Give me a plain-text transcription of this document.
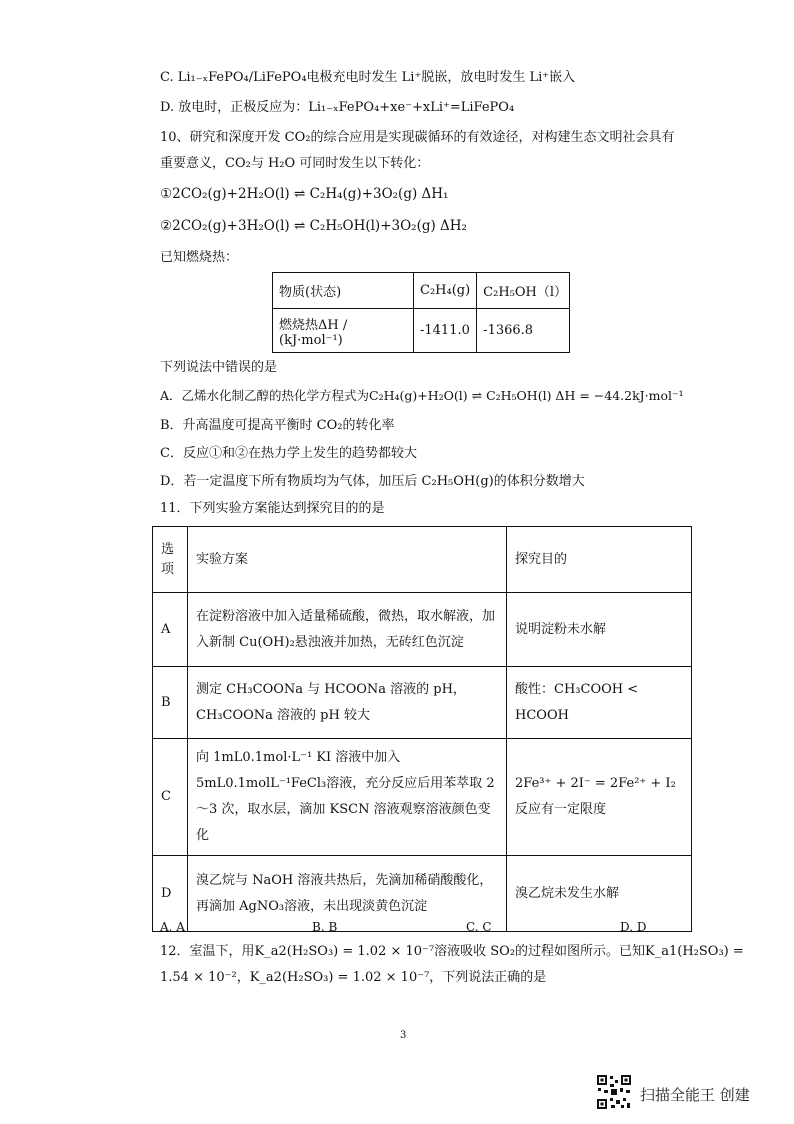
C. Li₁₋ₓFePO₄/LiFePO₄电极充电时发生 Li⁺脱嵌，放电时发生 Li⁺嵌入
D. 放电时，正极反应为：Li₁₋ₓFePO₄+xe⁻+xLi⁺=LiFePO₄
10、研究和深度开发 CO₂的综合应用是实现碳循环的有效途径，对构建生态文明社会具有
重要意义，CO₂与 H₂O 可同时发生以下转化：
①2CO₂(g)+2H₂O(l) ⇌ C₂H₄(g)+3O₂(g) ΔH₁
②2CO₂(g)+3H₂O(l) ⇌ C₂H₅OH(l)+3O₂(g) ΔH₂
已知燃烧热：
物质(状态)	C₂H₄(g)	C₂H₅OH（l）
燃烧热ΔH / (kJ·mol⁻¹)	-1411.0	-1366.8
下列说法中错误的是
A．乙烯水化制乙醇的热化学方程式为C₂H₄(g)+H₂O(l) ⇌ C₂H₅OH(l) ΔH = −44.2kJ·mol⁻¹
B．升高温度可提高平衡时 CO₂的转化率
C．反应①和②在热力学上发生的趋势都较大
D．若一定温度下所有物质均为气体，加压后 C₂H₅OH(g)的体积分数增大
11．下列实验方案能达到探究目的的是
选项	实验方案	探究目的
A	在淀粉溶液中加入适量稀硫酸，微热，取水解液，加入新制 Cu(OH)₂悬浊液并加热，无砖红色沉淀	说明淀粉未水解
B	测定 CH₃COONa 与 HCOONa 溶液的 pH，CH₃COONa 溶液的 pH 较大	酸性：CH₃COOH < HCOOH
C	向 1mL0.1mol·L⁻¹ KI 溶液中加入 5mL0.1molL⁻¹FeCl₃溶液，充分反应后用苯萃取 2～3 次，取水层，滴加 KSCN 溶液观察溶液颜色变化	2Fe³⁺ + 2I⁻ = 2Fe²⁺ + I₂ 反应有一定限度
D	溴乙烷与 NaOH 溶液共热后，先滴加稀硝酸酸化，再滴加 AgNO₃溶液，未出现淡黄色沉淀	溴乙烷未发生水解
A. A	B. B	C. C	D. D
12．室温下，用K_a2(H₂SO₃) = 1.02 × 10⁻⁷溶液吸收 SO₂的过程如图所示。已知K_a1(H₂SO₃) =
1.54 × 10⁻²，K_a2(H₂SO₃) = 1.02 × 10⁻⁷，下列说法正确的是
3
扫描全能王 创建
